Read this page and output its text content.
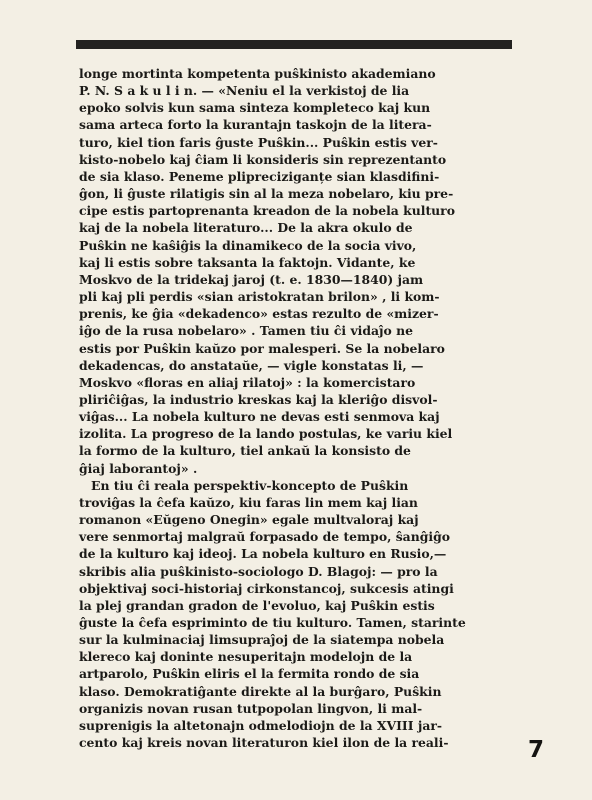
longe mortinta kompetenta puŝkinisto akademiano
P. N. S a k u l i n. — «Neniu el la verkistoj de lia
epoko solvis kun sama sinteza kompleteco kaj kun
sama arteca forto la kurantajn taskojn de la litera-
turo, kiel tion faris ĝuste Puŝkin... Puŝkin estis ver-
kisto-nobelo kaj ĉiam li konsideris sin reprezentanto
de sia klaso. Peneme plipreciziganțe sian klasdifini-
ĝon, li ĝuste rilatigis sin al la meza nobelaro, kiu pre-
cipe estis partoprenanta kreadon de la nobela kulturo
kaj de la nobela literaturo... De la akra okulo de
Puŝkin ne kaŝiĝis la dinamikeco de la socia vivo,
kaj li estis sobre taksanta la faktojn. Vidante, ke
Moskvo de la tridekaj jaroj (t. e. 1830—1840) jam
pli kaj pli perdis «sian aristokratan brilon» , li kom-
prenis, ke ĝia «dekadenco» estas rezulto de «mizer-
iĝo de la rusa nobelaro» . Tamen tiu ĉi vidaĵo ne
estis por Puŝkin kaŭzo por malesperi. Se la nobelaro
dekadencas, do anstataŭe, — vigle konstatas li, —
Moskvo «floras en aliaj rilatoj» : la komercistaro
pliriĉiĝas, la industrio kreskas kaj la kleriĝo disvol-
viĝas... La nobela kulturo ne devas esti senmova kaj
izolita. La progreso de la lando postulas, ke variu kiel
la formo de la kulturo, tiel ankaŭ la konsisto de
ĝiaj laborantoj» .
En tiu ĉi reala perspektiv-koncepto de Puŝkin
troviĝas la ĉefa kaŭzo, kiu faras lin mem kaj lian
romanon «Eŭgeno Onegin» egale multvaloraj kaj
vere senmortaj malgraŭ forpasado de tempo, ŝanĝiĝo
de la kulturo kaj ideoj. La nobela kulturo en Rusio,—
skribis alia puŝkinisto-sociologo D. Blagoj: — pro la
objektivaj soci-historiaj cirkonstancoj, sukcesis atingi
la plej grandan gradon de l'evoluo, kaj Puŝkin estis
ĝuste la ĉefa espriminto de tiu kulturo. Tamen, starinte
sur la kulminaciaj limsupraĵoj de la siatempa nobela
klereco kaj doninte nesuperitajn modelojn de la
artparolo, Puŝkin eliris el la fermita rondo de sia
klaso. Demokratiĝante direkte al la burĝaro, Puŝkin
organizis novan rusan tutpopolan lingvon, li mal-
suprenigis la altetonajn odmelodiojn de la XVIII jar-
cento kaj kreis novan literaturon kiel ilon de la reali-	7
